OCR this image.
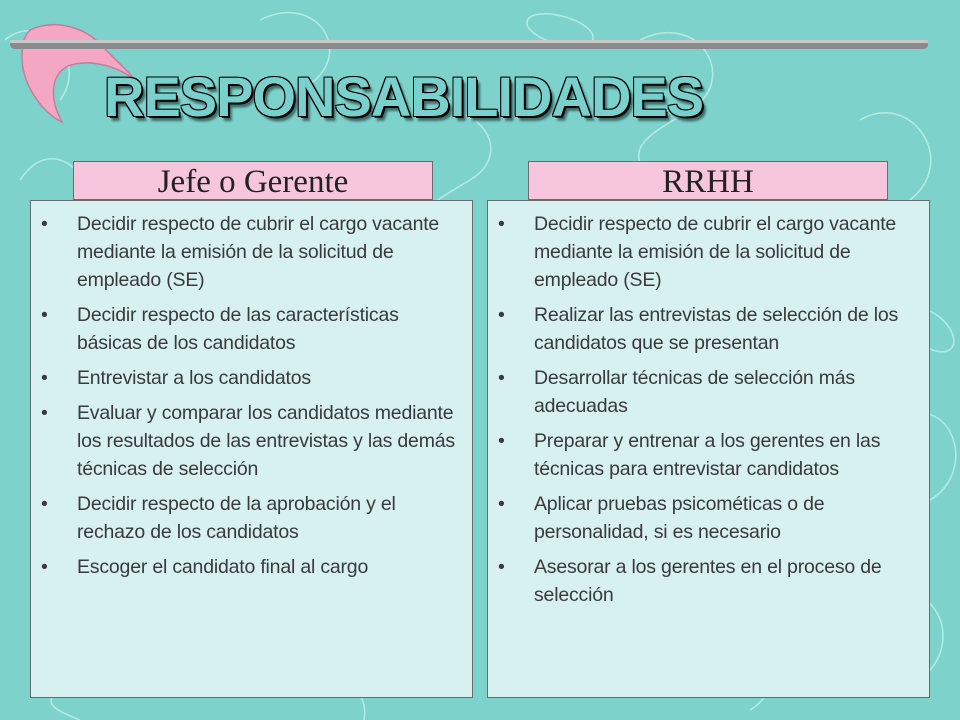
RESPONSABILIDADES
Jefe o Gerente	RRHH
• Decidir respecto de cubrir el cargo vacante mediante la emisión de la solicitud de empleado (SE)
• Decidir respecto de las características básicas de los candidatos
• Entrevistar a los candidatos
• Evaluar y comparar los candidatos mediante los resultados de las entrevistas y las demás técnicas de selección
• Decidir respecto de la aprobación y el rechazo de los candidatos
• Escoger el candidato final al cargo
• Decidir respecto de cubrir el cargo vacante mediante la emisión de la solicitud de empleado (SE)
• Realizar las entrevistas de selección de los candidatos que se presentan
• Desarrollar técnicas de selección más adecuadas
• Preparar y entrenar a los gerentes en las técnicas para entrevistar candidatos
• Aplicar pruebas psicométicas o de personalidad, si es necesario
• Asesorar a los gerentes en el proceso de selección
